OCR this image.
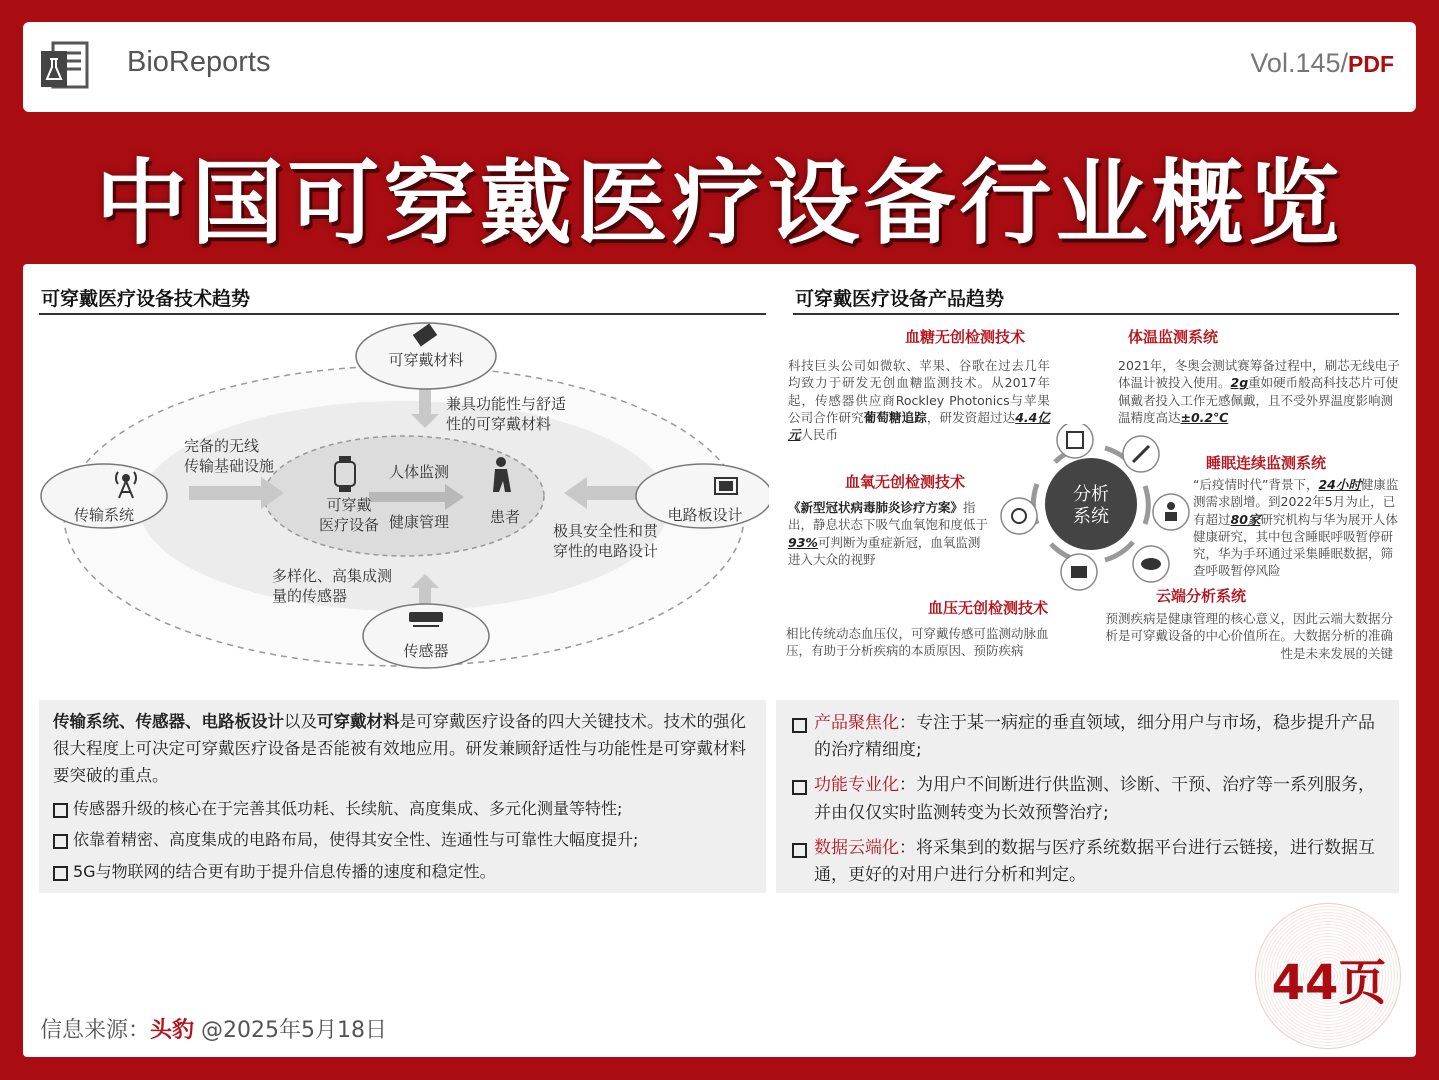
BioReports	Vol.145/PDF
中国可穿戴医疗设备行业概览
可穿戴医疗设备技术趋势	可穿戴医疗设备产品趋势
可穿戴材料
传输系统	电路板设计
传感器
可穿戴
医疗设备	患者
人体监测
健康管理
兼具功能性与舒适
性的可穿戴材料
完备的无线
传输基础设施
极具安全性和贯
穿性的电路设计
多样化、高集成测
量的传感器
血糖无创检测技术
科技巨头公司如微软、苹果、谷歌在过去几年均致力于研发无创血糖监测技术。从2017年起，传感器供应商Rockley Photonics与苹果公司合作研究葡萄糖追踪，研发资超过达4.4亿元人民币
体温监测系统
2021年，冬奥会测试赛筹备过程中，刷芯无线电子体温计被投入使用。2g重如硬币般高科技芯片可使佩戴者投入工作无感佩戴，且不受外界温度影响测温精度高达±0.2℃
血氧无创检测技术
《新型冠状病毒肺炎诊疗方案》指出，静息状态下吸气血氧饱和度低于93%可判断为重症新冠，血氧监测进入大众的视野
睡眠连续监测系统
“后疫情时代”背景下，24小时健康监测需求剧增。到2022年5月为止，已有超过80家研究机构与华为展开人体健康研究，其中包含睡眠呼吸暂停研究，华为手环通过采集睡眠数据，筛查呼吸暂停风险
云端分析系统
预测疾病是健康管理的核心意义，因此云端大数据分析是可穿戴设备的中心价值所在。大数据分析的准确性是未来发展的关键
血压无创检测技术
相比传统动态血压仪，可穿戴传感可监测动脉血压，有助于分析疾病的本质原因、预防疾病
分析
系统
传输系统、传感器、电路板设计以及可穿戴材料是可穿戴医疗设备的四大关键技术。技术的强化很大程度上可决定可穿戴医疗设备是否能被有效地应用。研发兼顾舒适性与功能性是可穿戴材料要突破的重点。
传感器升级的核心在于完善其低功耗、长续航、高度集成、多元化测量等特性;
依靠着精密、高度集成的电路布局，使得其安全性、连通性与可靠性大幅度提升;
5G与物联网的结合更有助于提升信息传播的速度和稳定性。
产品聚焦化：专注于某一病症的垂直领域，细分用户与市场，稳步提升产品的治疗精细度;
功能专业化：为用户不间断进行供监测、诊断、干预、治疗等一系列服务，并由仅仅实时监测转变为长效预警治疗;
数据云端化：将采集到的数据与医疗系统数据平台进行云链接，进行数据互通，更好的对用户进行分析和判定。
44页
信息来源：头豹 @2025年5月18日
